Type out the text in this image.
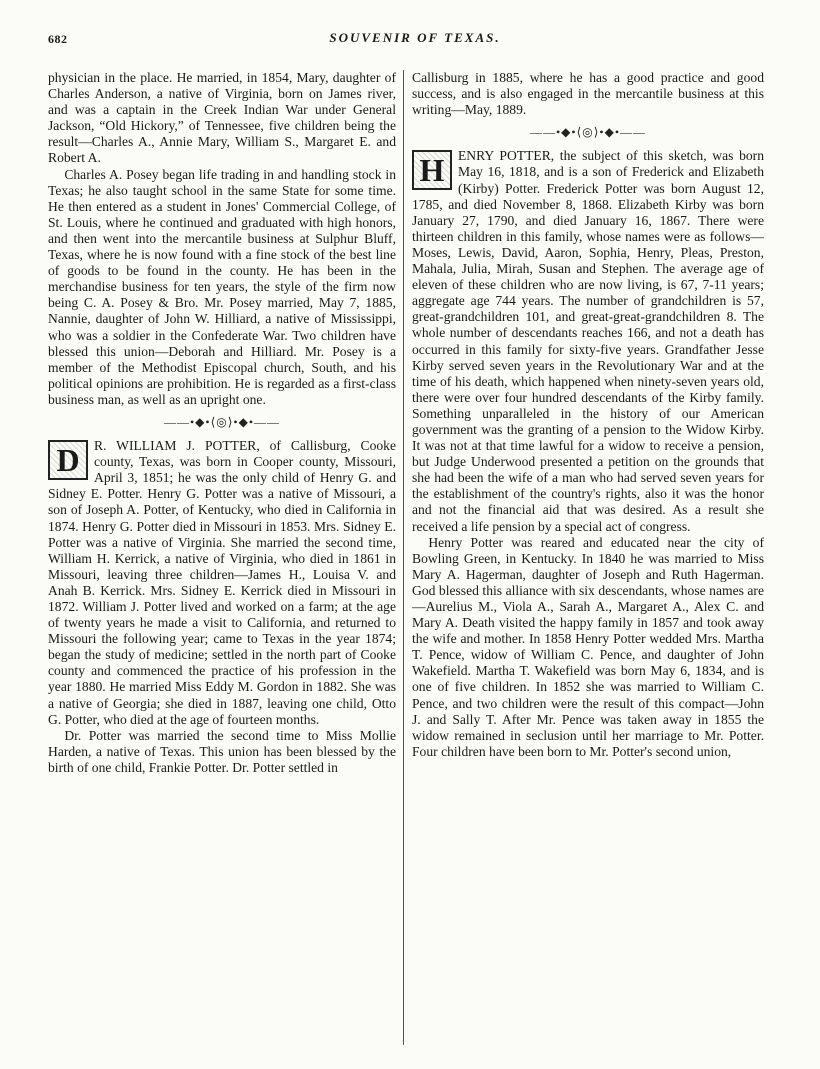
682	SOUVENIR OF TEXAS.

physician in the place. He married, in 1854, Mary, daughter of Charles Anderson, a native of Virginia, born on James river, and was a captain in the Creek Indian War under General Jackson, “Old Hickory,” of Tennessee, five children being the result—Charles A., Annie Mary, William S., Margaret E. and Robert A.

Charles A. Posey began life trading in and handling stock in Texas; he also taught school in the same State for some time. He then entered as a student in Jones' Commercial College, of St. Louis, where he continued and graduated with high honors, and then went into the mercantile business at Sulphur Bluff, Texas, where he is now found with a fine stock of the best line of goods to be found in the county. He has been in the merchandise business for ten years, the style of the firm now being C. A. Posey & Bro. Mr. Posey married, May 7, 1885, Nannie, daughter of John W. Hilliard, a native of Mississippi, who was a soldier in the Confederate War. Two children have blessed this union—Deborah and Hilliard. Mr. Posey is a member of the Methodist Episcopal church, South, and his political opinions are prohibition. He is regarded as a first-class business man, as well as an upright one.

——•◆•⟨◎⟩•◆•——
D	R. WILLIAM J. POTTER, of Callisburg, Cooke county, Texas, was born in Cooper county, Missouri, April 3, 1851; he was the only child of Henry G. and Sidney E. Potter. Henry G. Potter was a native of Missouri, a son of Joseph A. Potter, of Kentucky, who died in California in 1874. Henry G. Potter died in Missouri in 1853. Mrs. Sidney E. Potter was a native of Virginia. She married the second time, William H. Kerrick, a native of Virginia, who died in 1861 in Missouri, leaving three children—James H., Louisa V. and Anah B. Kerrick. Mrs. Sidney E. Kerrick died in Missouri in 1872. William J. Potter lived and worked on a farm; at the age of twenty years he made a visit to California, and returned to Missouri the following year; came to Texas in the year 1874; began the study of medicine; settled in the north part of Cooke county and commenced the practice of his profession in the year 1880. He married Miss Eddy M. Gordon in 1882. She was a native of Georgia; she died in 1887, leaving one child, Otto G. Potter, who died at the age of fourteen months.

Dr. Potter was married the second time to Miss Mollie Harden, a native of Texas. This union has been blessed by the birth of one child, Frankie Potter. Dr. Potter settled in

Callisburg in 1885, where he has a good practice and good success, and is also engaged in the mercantile business at this writing—May, 1889.

——•◆•⟨◎⟩•◆•——
H ENRY POTTER, the subject of this sketch, was born May 16, 1818, and is a son of Frederick and Elizabeth (Kirby) Potter. Frederick Potter was born August 12, 1785, and died November 8, 1868. Elizabeth Kirby was born January 27, 1790, and died January 16, 1867. There were thirteen children in this family, whose names were as follows—Moses, Lewis, David, Aaron, Sophia, Henry, Pleas, Preston, Mahala, Julia, Mirah, Susan and Stephen. The average age of eleven of these children who are now living, is 67, 7-11 years; aggregate age 744 years. The number of grandchildren is 57, great-grandchildren 101, and great-great-grandchildren 8. The whole number of descendants reaches 166, and not a death has occurred in this family for sixty-five years. Grandfather Jesse Kirby served seven years in the Revolutionary War and at the time of his death, which happened when ninety-seven years old, there were over four hundred descendants of the Kirby family. Something unparalleled in the history of our American government was the granting of a pension to the Widow Kirby. It was not at that time lawful for a widow to receive a pension, but Judge Underwood presented a petition on the grounds that she had been the wife of a man who had served seven years for the establishment of the country's rights, also it was the honor and not the financial aid that was desired. As a result she received a life pension by a special act of congress.

Henry Potter was reared and educated near the city of Bowling Green, in Kentucky. In 1840 he was married to Miss Mary A. Hagerman, daughter of Joseph and Ruth Hagerman. God blessed this alliance with six descendants, whose names are—Aurelius M., Viola A., Sarah A., Margaret A., Alex C. and Mary A. Death visited the happy family in 1857 and took away the wife and mother. In 1858 Henry Potter wedded Mrs. Martha T. Pence, widow of William C. Pence, and daughter of John Wakefield. Martha T. Wakefield was born May 6, 1834, and is one of five children. In 1852 she was married to William C. Pence, and two children were the result of this compact—John J. and Sally T. After Mr. Pence was taken away in 1855 the widow remained in seclusion until her marriage to Mr. Potter. Four children have been born to Mr. Potter's second union,
